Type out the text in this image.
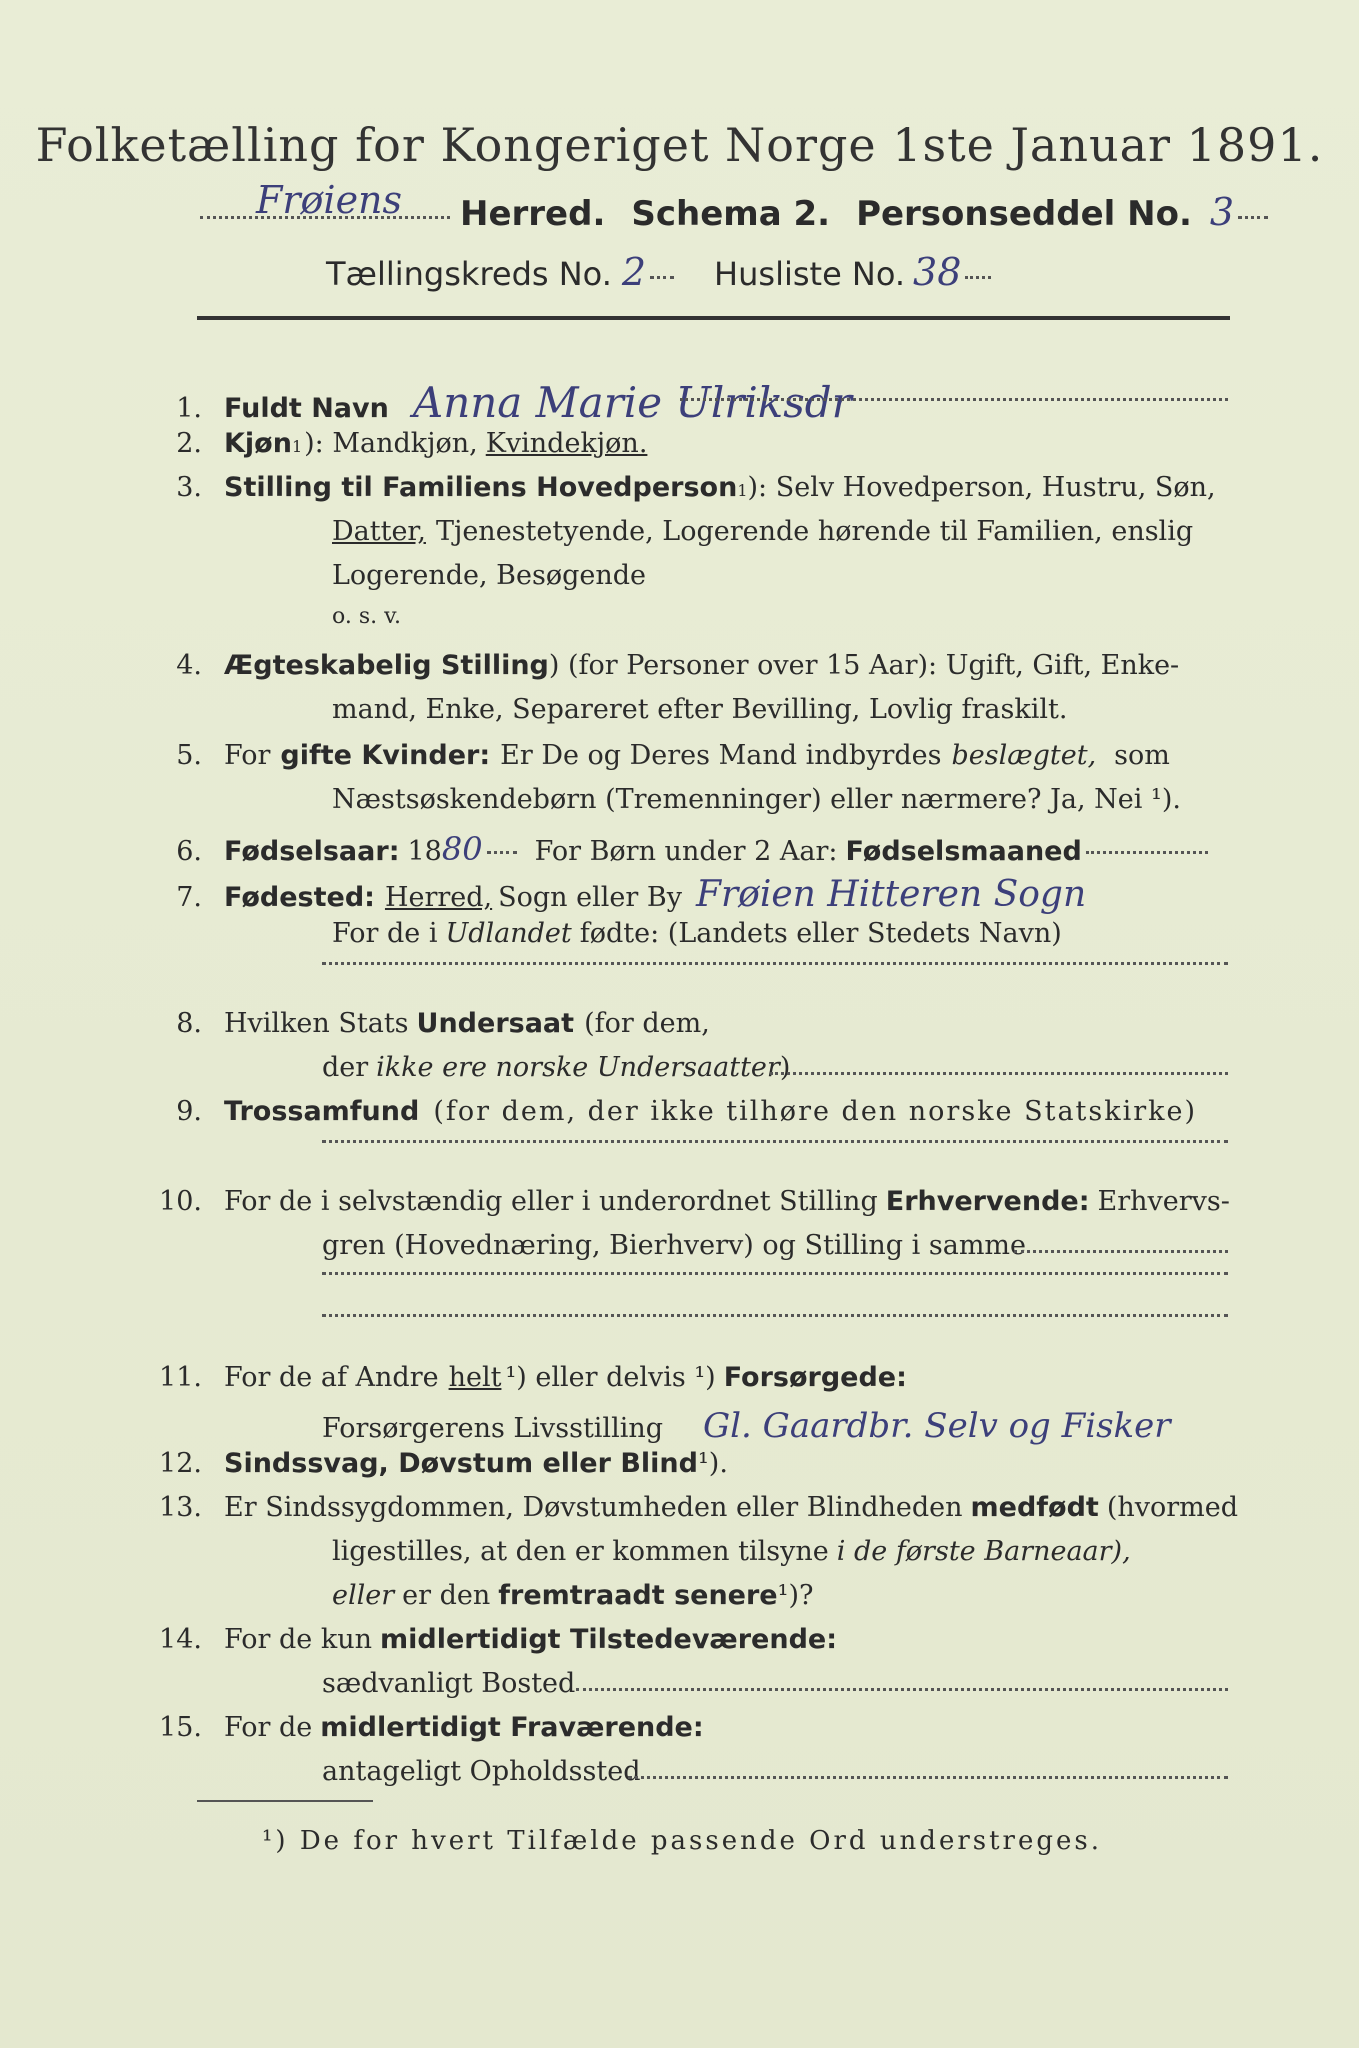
Folketælling for Kongeriget Norge 1ste Januar 1891.
Frøiens Herred. Schema 2. Personseddel No. 3
Tællingskreds No. 2 Husliste No. 38
1. Fuldt Navn Anna Marie Ulriksdr
2. Kjøn 1 ): Mandkjøn, Kvindekjøn.
3. Stilling til Familiens Hovedperson 1 ): Selv Hovedperson, Hustru, Søn,
Datter, Tjenestetyende, Logerende hørende til Familien, enslig
Logerende, Besøgende
o. s. v.
4. Ægteskabelig Stilling ) (for Personer over 15 Aar): Ugift, Gift, Enke-
mand, Enke, Separeret efter Bevilling, Lovlig fraskilt.
5. For gifte Kvinder: Er De og Deres Mand indbyrdes beslægtet, som
Næstsøskendebørn (Tremenninger) eller nærmere? Ja, Nei ¹).
6. Fødselsaar: 18 80 For Børn under 2 Aar: Fødselsmaaned
7. Fødested: Herred, Sogn eller By Frøien Hitteren Sogn
For de i Udlandet fødte: (Landets eller Stedets Navn)
8. Hvilken Stats Undersaat (for dem,
der ikke ere norske Undersaatter )
9. Trossamfund (for dem, der ikke tilhøre den norske Statskirke)
10. For de i selvstændig eller i underordnet Stilling Erhvervende: Erhvervs-
gren (Hovednæring, Bierhverv) og Stilling i samme
11. For de af Andre helt ¹) eller delvis ¹) Forsørgede:
Forsørgerens Livsstilling Gl. Gaardbr. Selv og Fisker
12. Sindssvag, Døvstum eller Blind ¹).
13. Er Sindssygdommen, Døvstumheden eller Blindheden medfødt (hvormed
ligestilles, at den er kommen tilsyne i de første Barneaar),
eller er den fremtraadt senere ¹)?
14. For de kun midlertidigt Tilstedeværende:
sædvanligt Bosted
15. For de midlertidigt Fraværende:
antageligt Opholdssted
¹) De for hvert Tilfælde passende Ord understreges.
